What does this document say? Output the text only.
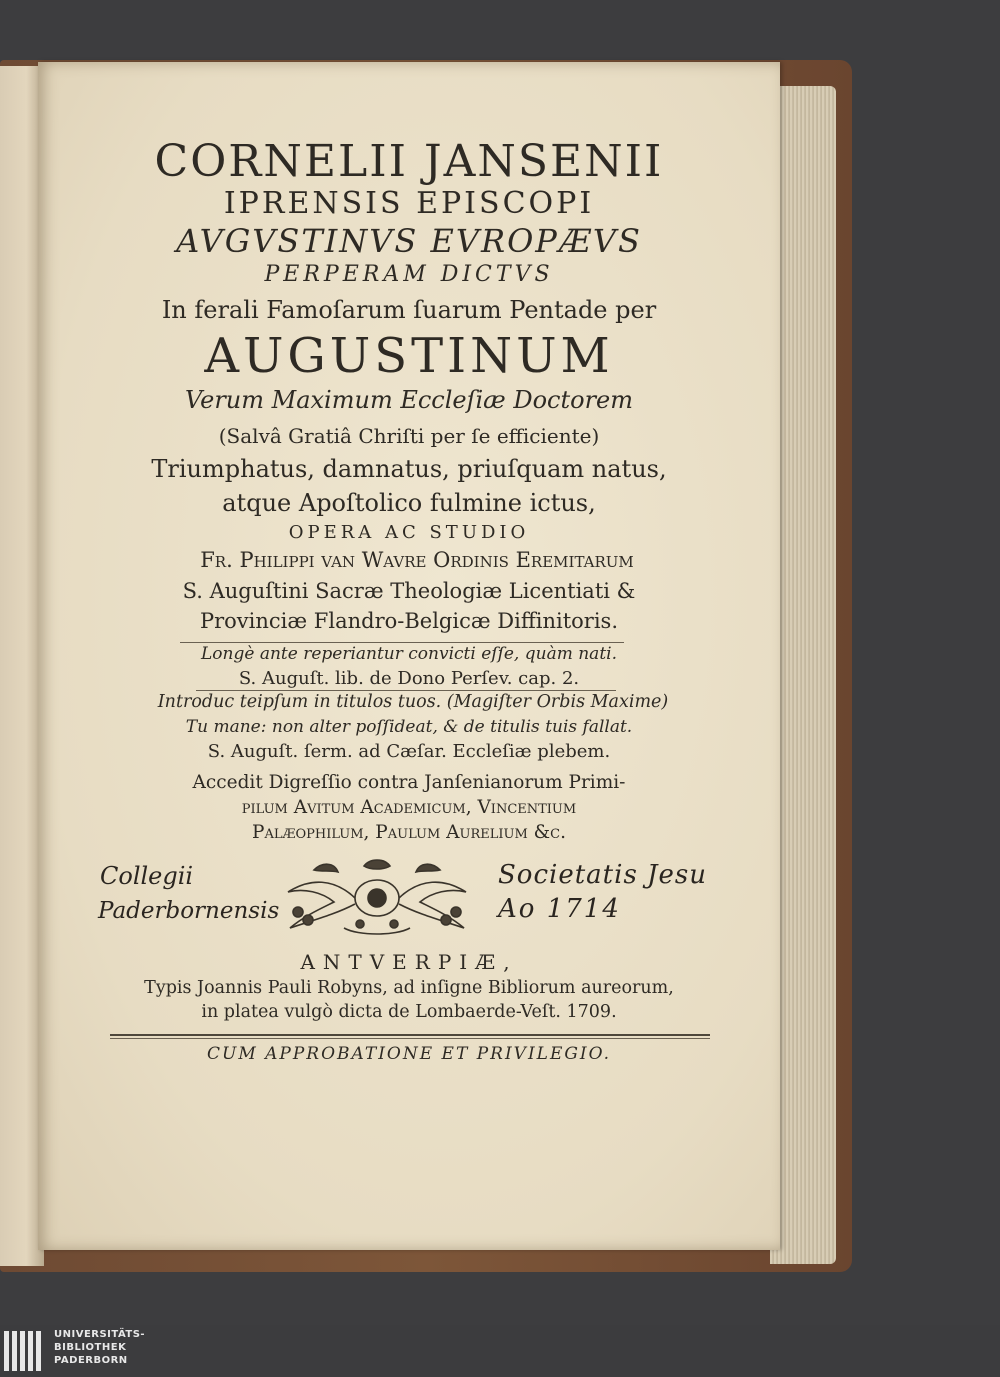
CORNELII JANSENII

IPRENSIS EPISCOPI

AVGVSTINVS EVROPÆVS

PERPERAM DICTVS

In ferali Famoſarum ſuarum Pentade per

AUGUSTINUM

Verum Maximum Eccleſiæ Doctorem

(Salvâ Gratiâ Chriſti per ſe efficiente)

Triumphatus, damnatus, priuſquam natus,

atque Apoſtolico fulmine ictus,

OPERA AC STUDIO

Fr. Philippi van Wavre Ordinis Eremitarum

S. Auguſtini Sacræ Theologiæ Licentiati &

Provinciæ Flandro-Belgicæ Diffinitoris.

Longè ante reperiantur convicti eſſe, quàm nati.

S. Auguſt. lib. de Dono Perſev. cap. 2.

Introduc teipſum in titulos tuos. (Magiſter Orbis Maxime)

Tu mane: non alter poſſideat, & de titulis tuis fallat.

S. Auguſt. ſerm. ad Cæſar. Eccleſiæ plebem.

Accedit Digreſſio contra Janſenianorum Primi-

pilum Avitum Academicum, Vincentium

Palæophilum, Paulum Aurelium &c.

Collegii
Paderbornensis
Societatis Jesu
Ao 1714

ANTVERPIÆ,

Typis Joannis Pauli Robyns, ad inſigne Bibliorum aureorum,

in platea vulgò dicta de Lombaerde-Veſt. 1709.

CUM APPROBATIONE ET PRIVILEGIO.

UNIVERSITÄTS-
BIBLIOTHEK
PADERBORN
